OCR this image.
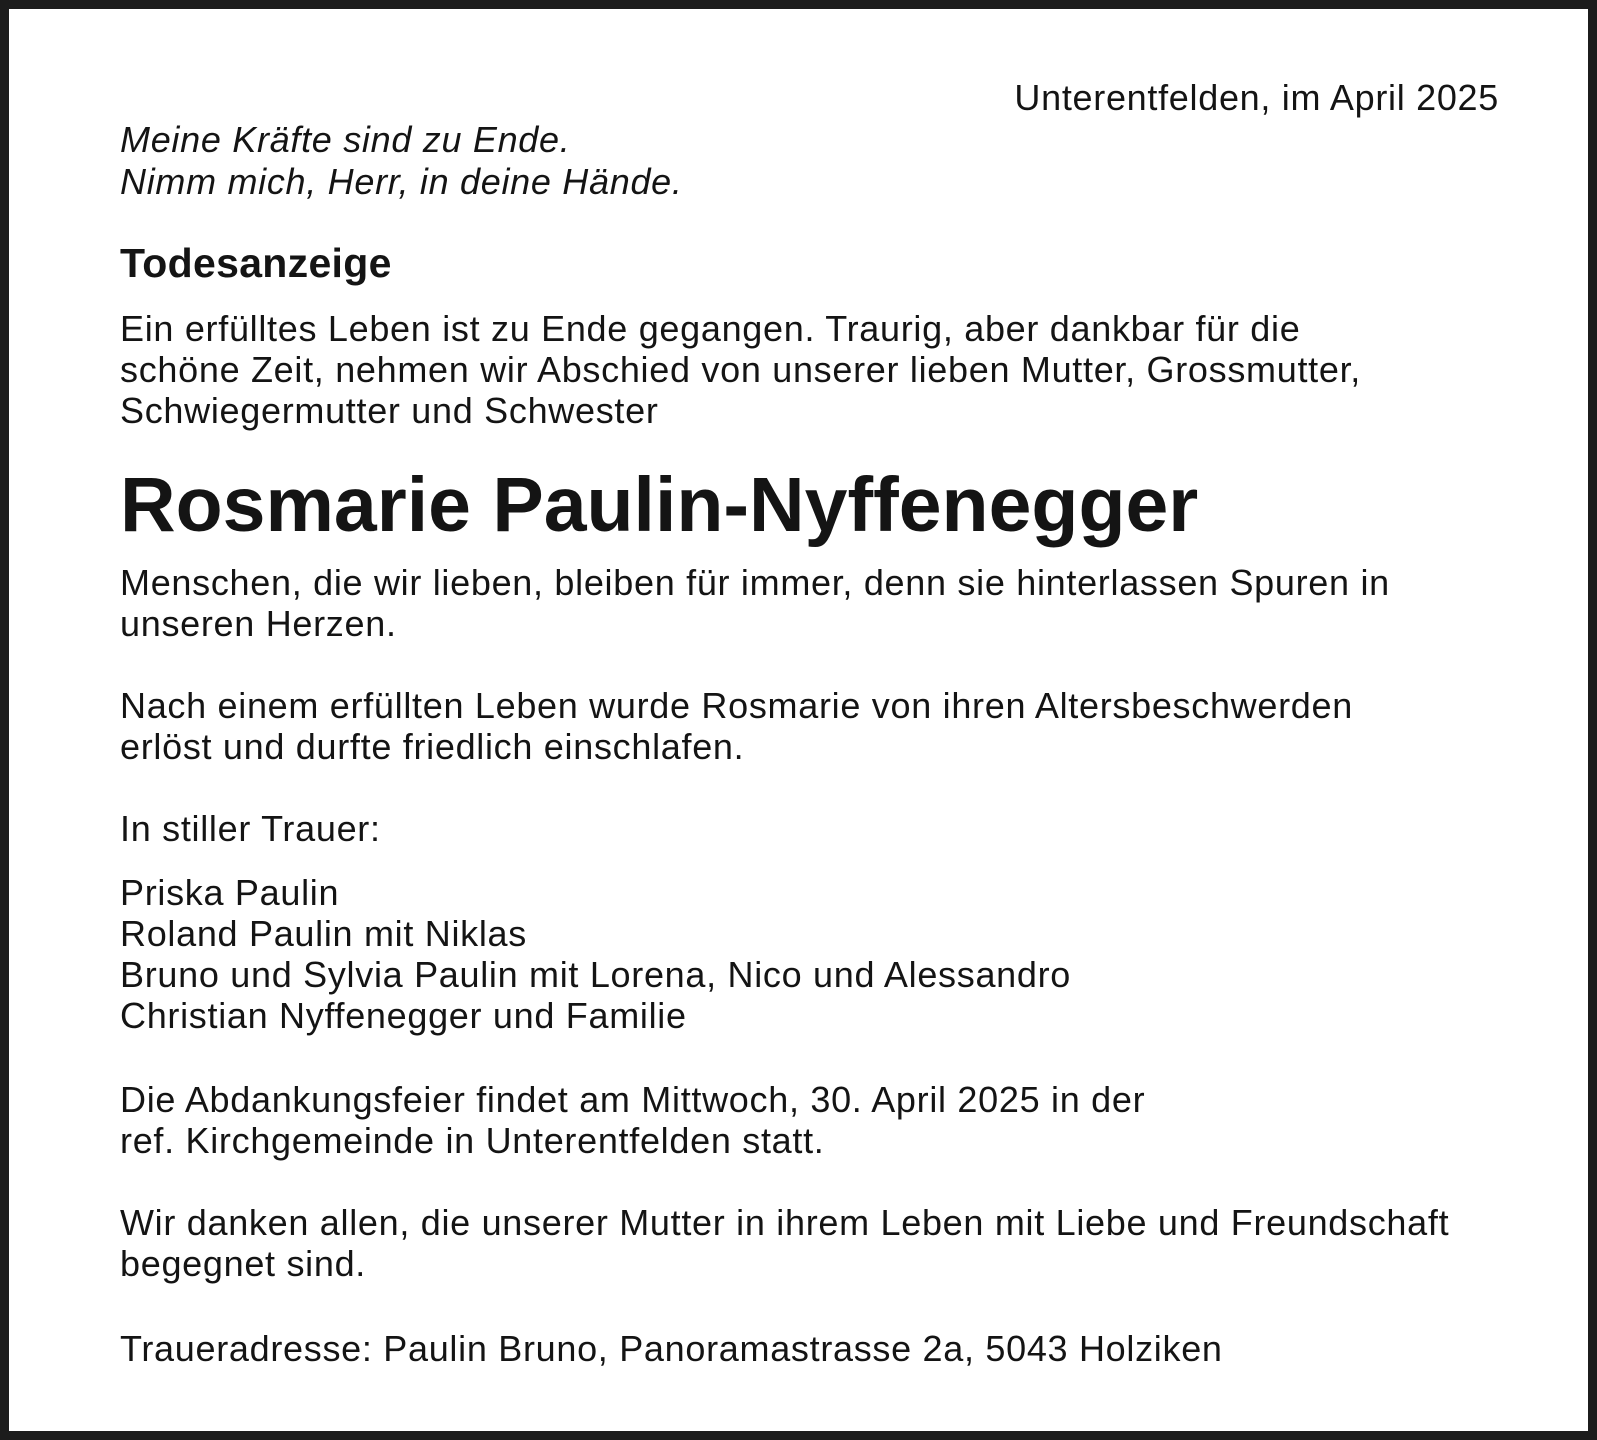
Unterentfelden, im April 2025
Meine Kräfte sind zu Ende.
Nimm mich, Herr, in deine Hände.
Todesanzeige
Ein erfülltes Leben ist zu Ende gegangen. Traurig, aber dankbar für die
schöne Zeit, nehmen wir Abschied von unserer lieben Mutter, Grossmutter,
Schwiegermutter und Schwester
Rosmarie Paulin-Nyffenegger
Menschen, die wir lieben, bleiben für immer, denn sie hinterlassen Spuren in
unseren Herzen.
Nach einem erfüllten Leben wurde Rosmarie von ihren Altersbeschwerden
erlöst und durfte friedlich einschlafen.
In stiller Trauer:
Priska Paulin
Roland Paulin mit Niklas
Bruno und Sylvia Paulin mit Lorena, Nico und Alessandro
Christian Nyffenegger und Familie
Die Abdankungsfeier findet am Mittwoch, 30. April 2025 in der
ref. Kirchgemeinde in Unterentfelden statt.
Wir danken allen, die unserer Mutter in ihrem Leben mit Liebe und Freundschaft
begegnet sind.
Traueradresse: Paulin Bruno, Panoramastrasse 2a, 5043 Holziken
